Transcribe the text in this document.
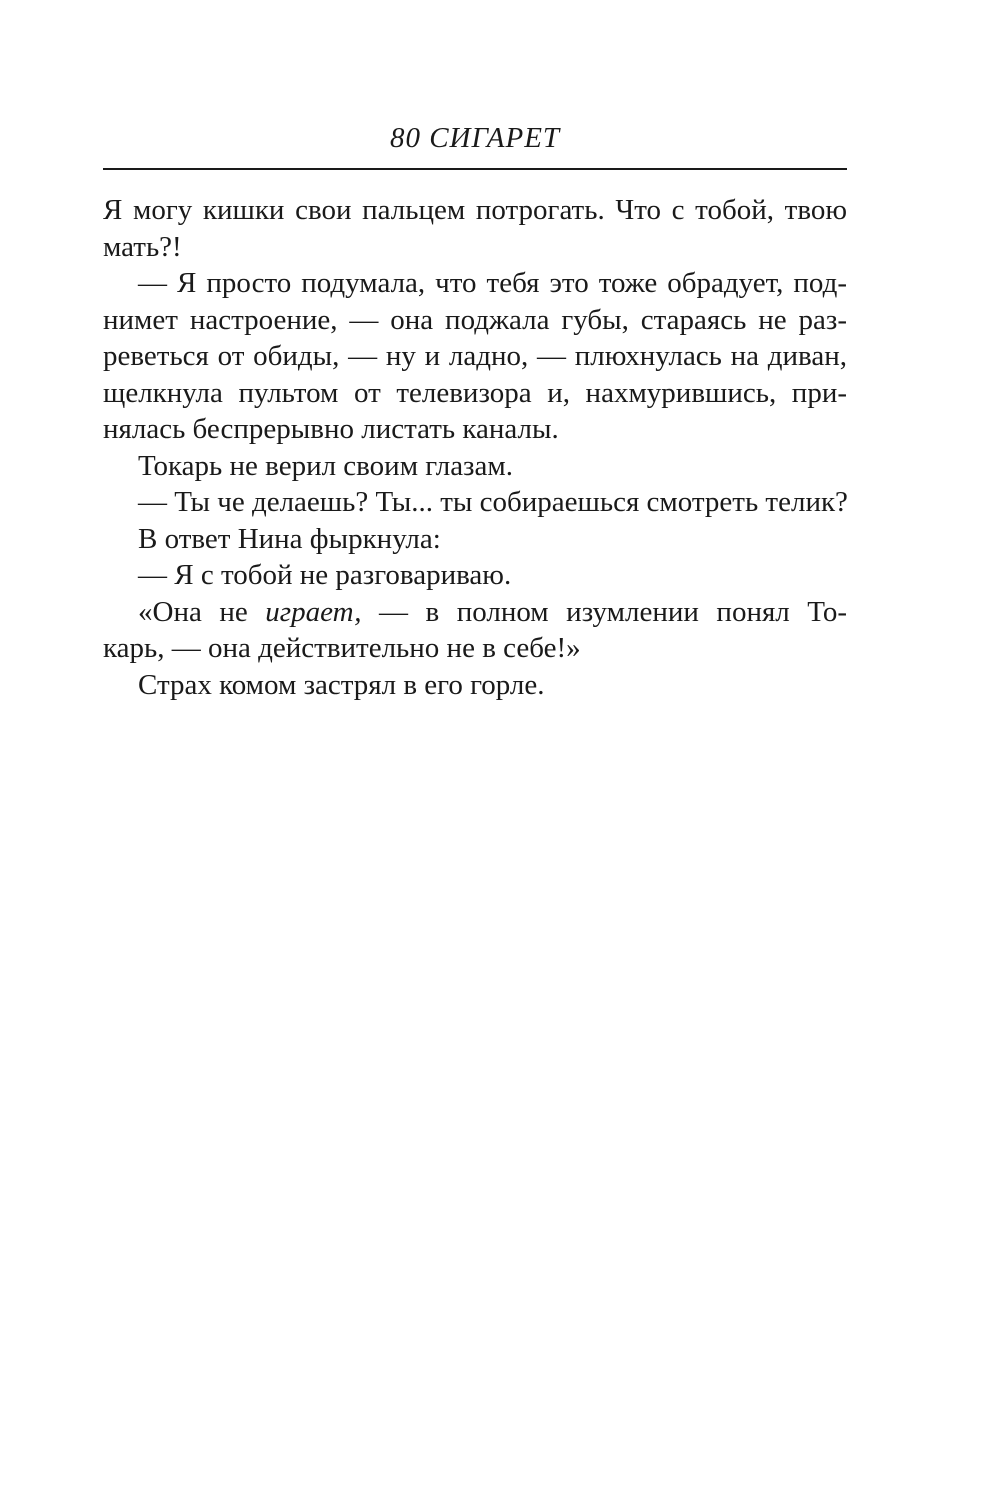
80 СИГАРЕТ
Я могу кишки свои пальцем потрогать. Что с тобой, твою
мать?!
— Я просто подумала, что тебя это тоже обрадует, под-
нимет настроение, — она поджала губы, стараясь не раз-
реветься от обиды, — ну и ладно, — плюхнулась на диван,
щелкнула пультом от телевизора и, нахмурившись, при-
нялась беспрерывно листать каналы.
Токарь не верил своим глазам.
— Ты че делаешь? Ты... ты собираешься смотреть телик?
В ответ Нина фыркнула:
— Я с тобой не разговариваю.
«Она не играет, — в полном изумлении понял То-
карь, — она действительно не в себе!»
Страх комом застрял в его горле.
